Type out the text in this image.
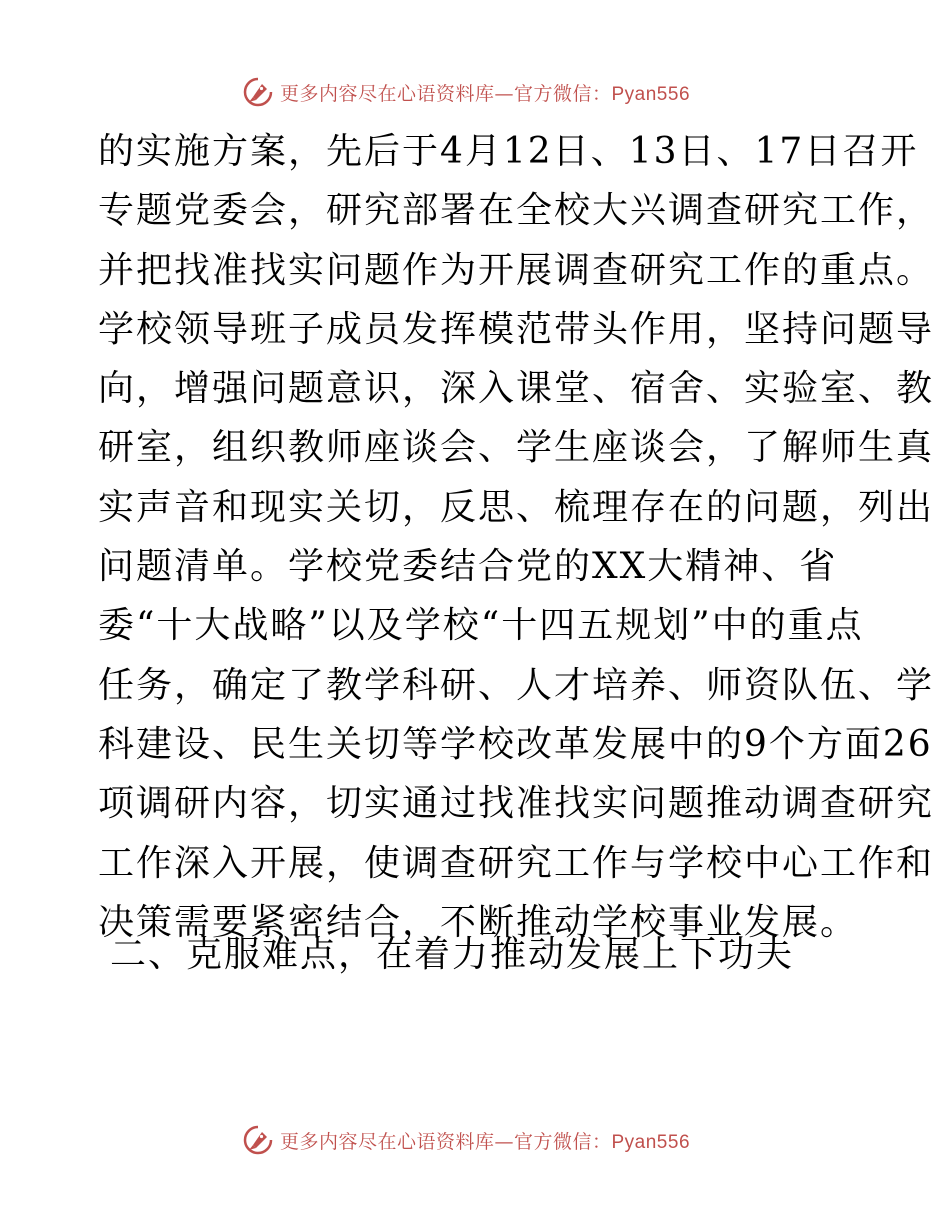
更多内容尽在心语资料库—官方微信：Pyan556
的实施方案，先后于4月12日、13日、17日召开
专题党委会，研究部署在全校大兴调查研究工作，
并把找准找实问题作为开展调查研究工作的重点。
学校领导班子成员发挥模范带头作用，坚持问题导
向，增强问题意识，深入课堂、宿舍、实验室、教
研室，组织教师座谈会、学生座谈会，了解师生真
实声音和现实关切，反思、梳理存在的问题，列出
问题清单。学校党委结合党的XX大精神、省
委“十大战略”以及学校“十四五规划”中的重点
任务，确定了教学科研、人才培养、师资队伍、学
科建设、民生关切等学校改革发展中的9个方面26
项调研内容，切实通过找准找实问题推动调查研究
工作深入开展，使调查研究工作与学校中心工作和
决策需要紧密结合，不断推动学校事业发展。
二、克服难点，在着力推动发展上下功夫
更多内容尽在心语资料库—官方微信：Pyan556
